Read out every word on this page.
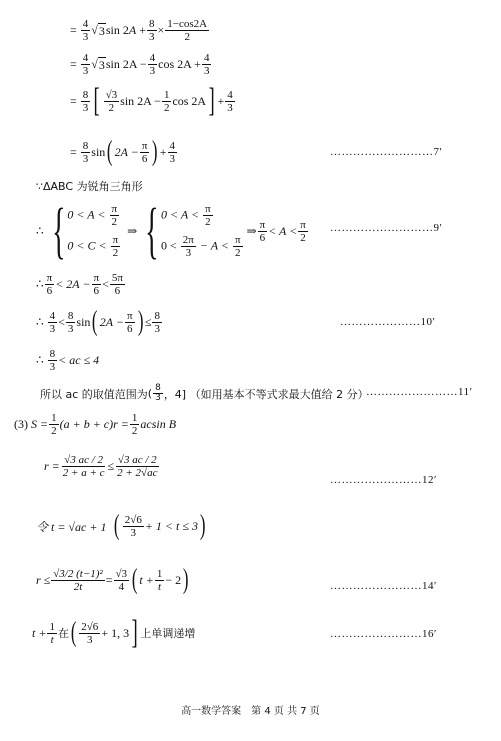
=
$\frac{4}{3}$ √ 3 sin 2 A
+ $\frac{8}{3} \times \frac{1-\cos 2A}{2}$
=
$\frac{4}{3}$ √ 3 $\sin 2A - \frac{4}{3}$ $\cos 2A + \frac{4}{3}$
=
$\frac{8}{3}$ [ $\frac{√3}{2}$ $\sin 2A - \frac{1}{2}$ cos 2A ] + $\frac{4}{3}$
=
$\frac{8}{3}$ sin ( $2A - \frac{\pi}{6}$ ) + $\frac{4}{3}$	………………………7′
∵ΔABC 为锐角三角形
∴ { $0 < A < \frac{\pi}{2}$
$0 < C < \frac{\pi}{2}$

⇒ { $0 < A < \frac{\pi}{2}$
$0 < \frac{2\pi}{3} - A < \frac{\pi}{2}$

⇒ $\frac{\pi}{6} < A < \frac{\pi}{2}$ ………………………9′
∴ $\frac{\pi}{6} < 2A - \frac{\pi}{6} < \frac{5\pi}{6}$
∴
$\frac{4}{3} < \frac{8}{3}$ sin ( $2A - \frac{\pi}{6}$ ) ≤ $\frac{8}{3}$	…………………10′
∴
$\frac{8}{3}$ < ac ≤ 4
所以 ac 的取值范围为 ( $\frac{8}{3}$ ，4]
（如用基本不等式求最大值给 2 分）
……………………11′
(3)
$S = \frac{1}{2} (a + b + c)r = \frac{1}{2}$ acsin B
$r = \frac{√3 ac / 2}{2 + a + c} \le \frac{√3 ac / 2}{2 + 2√ac}$
……………………12′
令 t = √ac + 1
( $\frac{2√6}{3} + 1 < t \le 3$ )
$r \le \frac{\text{√3/2 (t−1)²}}{2t} = \frac{√3}{4}$ ( $t + \frac{1}{t} - 2$ )	……………………14′
$t + \frac{1}{t}$ 在 ( $\frac{2√6}{3} + 1$, 3 ] 上单调递增	……………………16′
高一数学答案　第 4 页 共 7 页
